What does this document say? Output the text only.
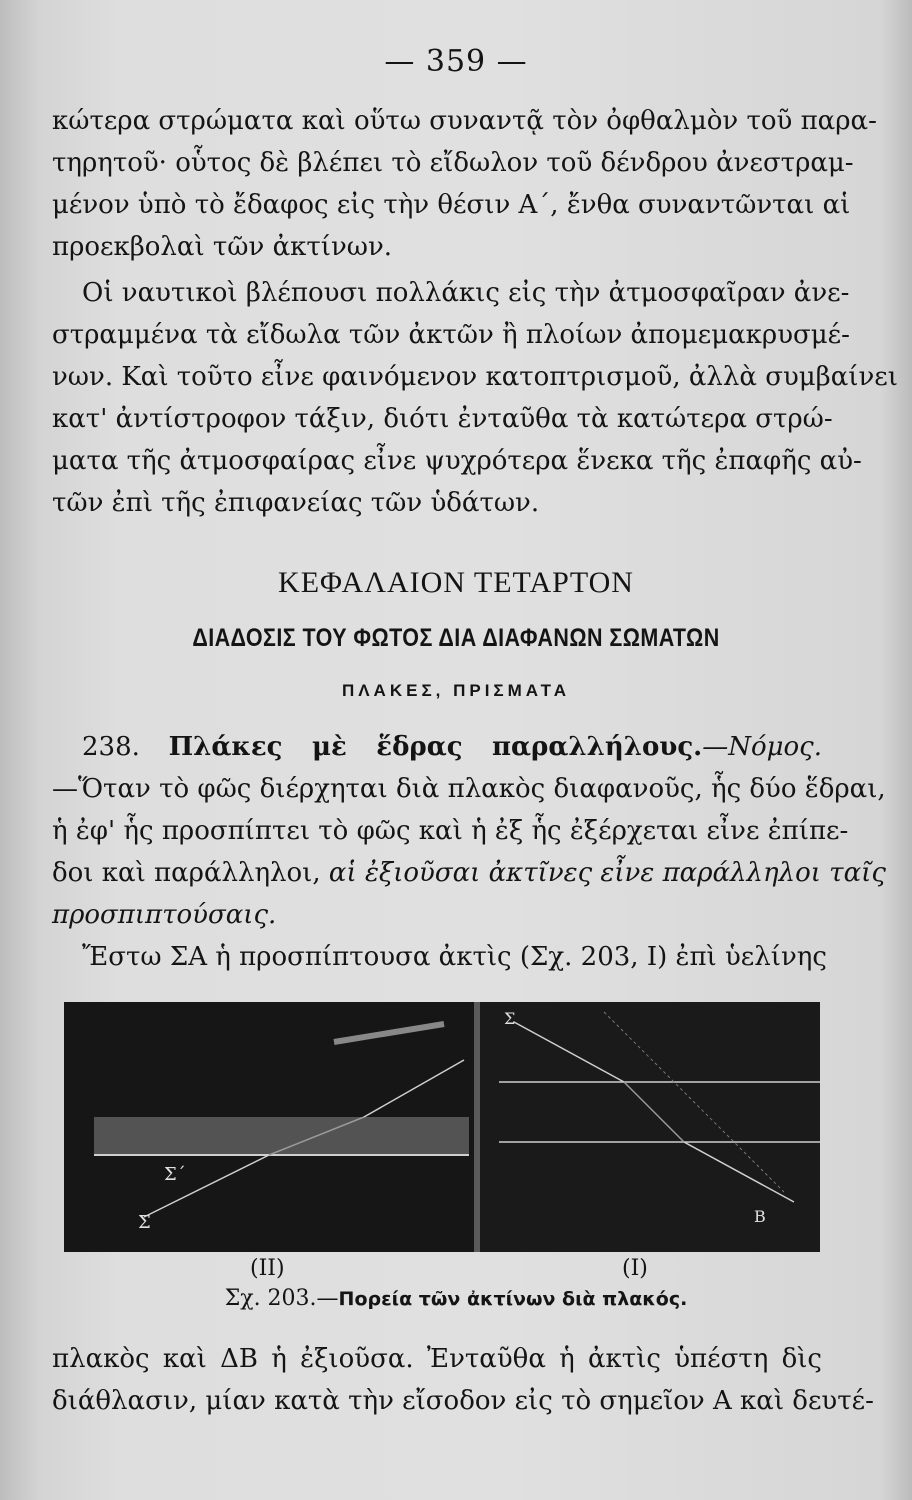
— 359 —
κώτερα στρώματα καὶ οὕτω συναντᾷ τὸν ὀφθαλμὸν τοῦ παρα-
τηρητοῦ· οὗτος δὲ βλέπει τὸ εἴδωλον τοῦ δένδρου ἀνεστραμ-
μένον ὑπὸ τὸ ἔδαφος εἰς τὴν θέσιν Α΄, ἔνθα συναντῶνται αἱ
προεκβολαὶ τῶν ἀκτίνων.
Οἱ ναυτικοὶ βλέπουσι πολλάκις εἰς τὴν ἀτμοσφαῖραν ἀνε-
στραμμένα τὰ εἴδωλα τῶν ἀκτῶν ἢ πλοίων ἀπομεμακρυσμέ-
νων. Καὶ τοῦτο εἶνε φαινόμενον κατοπτρισμοῦ, ἀλλὰ συμβαίνει
κατ' ἀντίστροφον τάξιν, διότι ἐνταῦθα τὰ κατώτερα στρώ-
ματα τῆς ἀτμοσφαίρας εἶνε ψυχρότερα ἕνεκα τῆς ἐπαφῆς αὐ-
τῶν ἐπὶ τῆς ἐπιφανείας τῶν ὑδάτων.
ΚΕΦΑΛΑΙΟΝ ΤΕΤΑΡΤΟΝ
ΔΙΑΔΟΣΙΣ ΤΟΥ ΦΩΤΟΣ ΔΙΑ ΔΙΑΦΑΝΩΝ ΣΩΜΑΤΩΝ
ΠΛΑΚΕΣ, ΠΡΙΣΜΑΤΑ
238. Πλάκες μὲ ἕδρας παραλλήλους.—Νόμος.
—Ὅταν τὸ φῶς διέρχηται διὰ πλακὸς διαφανοῦς, ἧς δύο ἕδραι,
ἡ ἐφ' ἧς προσπίπτει τὸ φῶς καὶ ἡ ἐξ ἧς ἐξέρχεται εἶνε ἐπίπε-
δοι καὶ παράλληλοι, αἱ ἐξιοῦσαι ἀκτῖνες εἶνε παράλληλοι ταῖς
προσπιπτούσαις.
Ἔστω ΣΑ ἡ προσπίπτουσα ἀκτὶς (Σχ. 203, Ι) ἐπὶ ὑελίνης
Σ΄
Σ
Σ
Β
(II)	(I)
Σχ. 203.—Πορεία τῶν ἀκτίνων διὰ πλακός.
πλακὸς καὶ ΔΒ ἡ ἐξιοῦσα. Ἐνταῦθα ἡ ἀκτὶς ὑπέστη δὶς
διάθλασιν, μίαν κατὰ τὴν εἴσοδον εἰς τὸ σημεῖον Α καὶ δευτέ-
